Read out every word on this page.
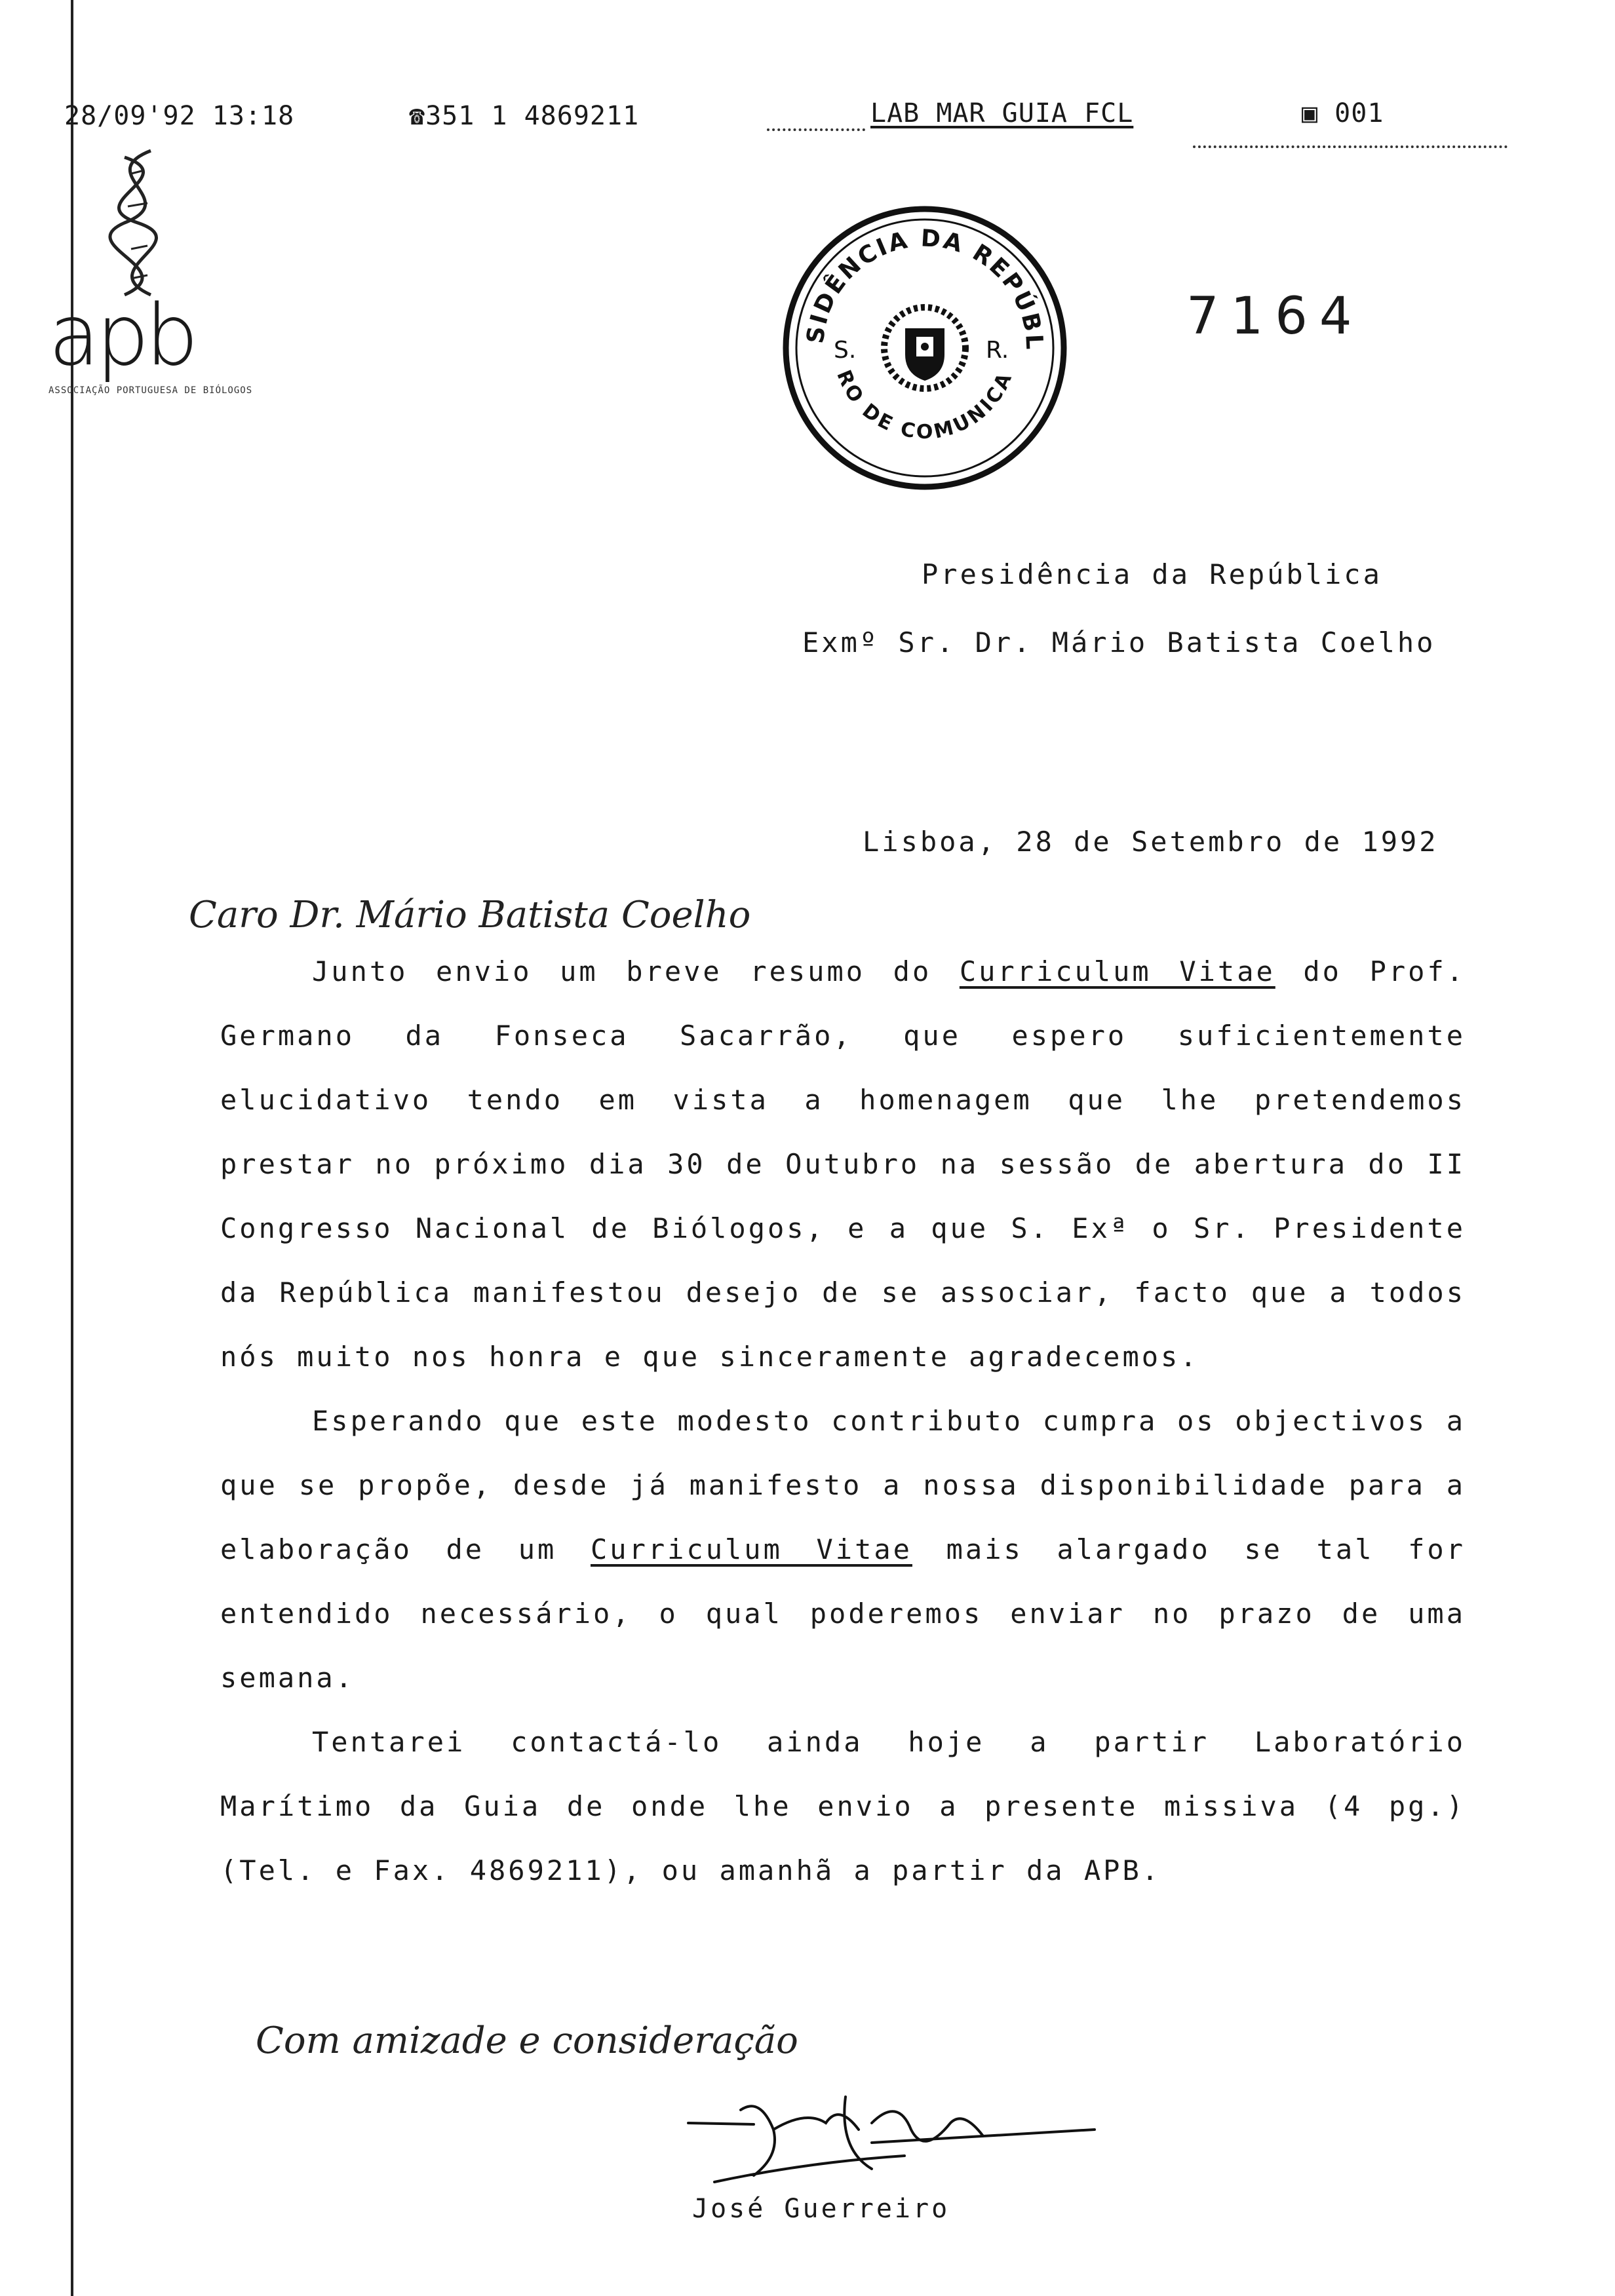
28/09'92 13:18	☎351 1 4869211	LAB MAR GUIA FCL	▣ 001
apb
ASSOCIAÇÃO PORTUGUESA DE BIÓLOGOS
SIDÊNCIA DA REPÚBL
RO DE COMUNICA
S.	R.
7164
Presidência da República
Exmº Sr. Dr. Mário Batista Coelho
Lisboa, 28 de Setembro de 1992
Caro Dr. Mário Batista Coelho

Junto envio um breve resumo do Curriculum Vitae do Prof. Germano da Fonseca Sacarrão, que espero suficientemente elucidativo tendo em vista a homenagem que lhe pretendemos prestar no próximo dia 30 de Outubro na sessão de abertura do II Congresso Nacional de Biólogos, e a que S. Exª o Sr. Presidente da República manifestou desejo de se associar, facto que a todos nós muito nos honra e que sinceramente agradecemos.

Esperando que este modesto contributo cumpra os objectivos a que se propõe, desde já manifesto a nossa disponibilidade para a elaboração de um Curriculum Vitae mais alargado se tal for entendido necessário, o qual poderemos enviar no prazo de uma semana.

Tentarei contactá-lo ainda hoje a partir Laboratório Marítimo da Guia de onde lhe envio a presente missiva (4 pg.) (Tel. e Fax. 4869211), ou amanhã a partir da APB.

Com amizade e consideração
José Guerreiro
